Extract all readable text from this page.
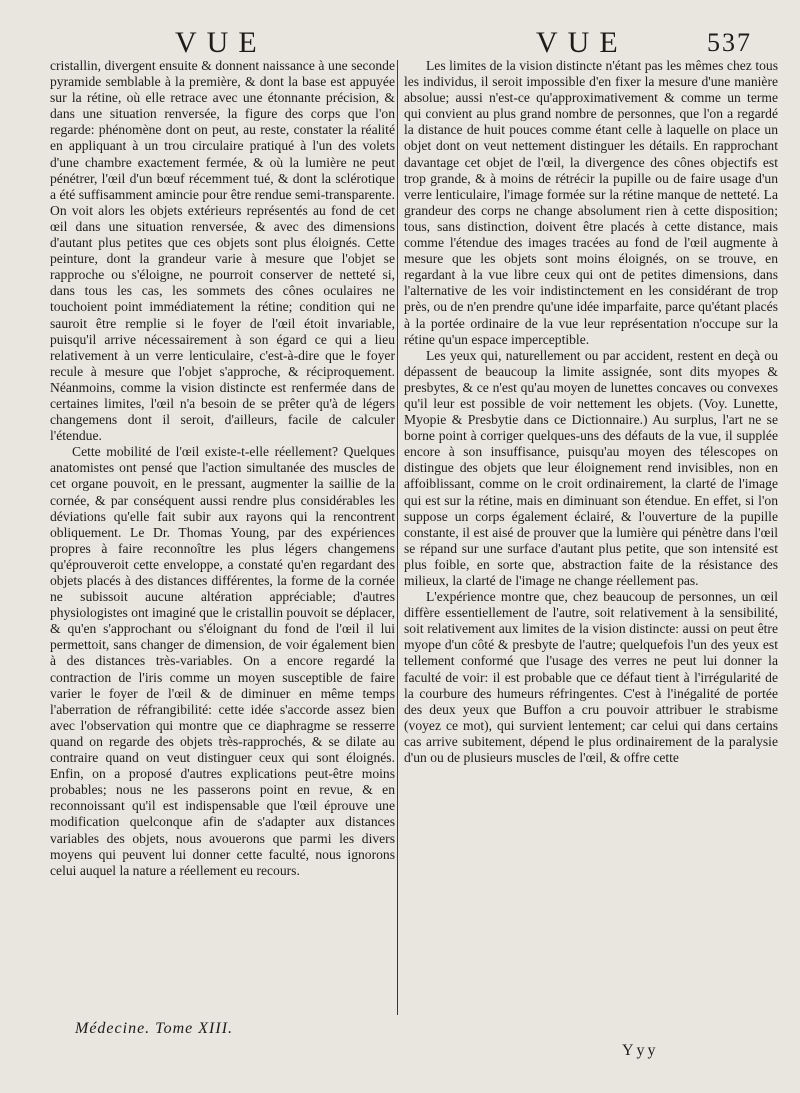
VUE	VUE	537

cristallin, divergent ensuite & donnent naissance à une seconde pyramide semblable à la première, & dont la base est appuyée sur la rétine, où elle retrace avec une étonnante précision, & dans une situation renversée, la figure des corps que l'on regarde: phénomène dont on peut, au reste, constater la réalité en appliquant à un trou circulaire pratiqué à l'un des volets d'une chambre exactement fermée, & où la lumière ne peut pénétrer, l'œil d'un bœuf récemment tué, & dont la sclérotique a été suffisamment amincie pour être rendue semi-transparente. On voit alors les objets extérieurs représentés au fond de cet œil dans une situation renversée, & avec des dimensions d'autant plus petites que ces objets sont plus éloignés. Cette peinture, dont la grandeur varie à mesure que l'objet se rapproche ou s'éloigne, ne pourroit conserver de netteté si, dans tous les cas, les sommets des cônes oculaires ne touchoient point immédiatement la rétine; condition qui ne sauroit être remplie si le foyer de l'œil étoit invariable, puisqu'il arrive nécessairement à son égard ce qui a lieu relativement à un verre lenticulaire, c'est-à-dire que le foyer recule à mesure que l'objet s'approche, & réciproquement. Néanmoins, comme la vision distincte est renfermée dans de certaines limites, l'œil n'a besoin de se prêter qu'à de légers changemens dont il seroit, d'ailleurs, facile de calculer l'étendue.

Cette mobilité de l'œil existe-t-elle réellement? Quelques anatomistes ont pensé que l'action simultanée des muscles de cet organe pouvoit, en le pressant, augmenter la saillie de la cornée, & par conséquent aussi rendre plus considérables les déviations qu'elle fait subir aux rayons qui la rencontrent obliquement. Le Dr. Thomas Young, par des expériences propres à faire reconnoître les plus légers changemens qu'éprouveroit cette enveloppe, a constaté qu'en regardant des objets placés à des distances différentes, la forme de la cornée ne subissoit aucune altération appréciable; d'autres physiologistes ont imaginé que le cristallin pouvoit se déplacer, & qu'en s'approchant ou s'éloignant du fond de l'œil il lui permettoit, sans changer de dimension, de voir également bien à des distances très-variables. On a encore regardé la contraction de l'iris comme un moyen susceptible de faire varier le foyer de l'œil & de diminuer en même temps l'aberration de réfrangibilité: cette idée s'accorde assez bien avec l'observation qui montre que ce diaphragme se resserre quand on regarde des objets très-rapprochés, & se dilate au contraire quand on veut distinguer ceux qui sont éloignés. Enfin, on a proposé d'autres explications peut-être moins probables; nous ne les passerons point en revue, & en reconnoissant qu'il est indispensable que l'œil éprouve une modification quelconque afin de s'adapter aux distances variables des objets, nous avouerons que parmi les divers moyens qui peuvent lui donner cette faculté, nous ignorons celui auquel la nature a réellement eu recours.

Les limites de la vision distincte n'étant pas les mêmes chez tous les individus, il seroit impossible d'en fixer la mesure d'une manière absolue; aussi n'est-ce qu'approximativement & comme un terme qui convient au plus grand nombre de personnes, que l'on a regardé la distance de huit pouces comme étant celle à laquelle on place un objet dont on veut nettement distinguer les détails. En rapprochant davantage cet objet de l'œil, la divergence des cônes objectifs est trop grande, & à moins de rétrécir la pupille ou de faire usage d'un verre lenticulaire, l'image formée sur la rétine manque de netteté. La grandeur des corps ne change absolument rien à cette disposition; tous, sans distinction, doivent être placés à cette distance, mais comme l'étendue des images tracées au fond de l'œil augmente à mesure que les objets sont moins éloignés, on se trouve, en regardant à la vue libre ceux qui ont de petites dimensions, dans l'alternative de les voir indistinctement en les considérant de trop près, ou de n'en prendre qu'une idée imparfaite, parce qu'étant placés à la portée ordinaire de la vue leur représentation n'occupe sur la rétine qu'un espace imperceptible.

Les yeux qui, naturellement ou par accident, restent en deçà ou dépassent de beaucoup la limite assignée, sont dits myopes & presbytes, & ce n'est qu'au moyen de lunettes concaves ou convexes qu'il leur est possible de voir nettement les objets. (Voy. Lunette, Myopie & Presbytie dans ce Dictionnaire.) Au surplus, l'art ne se borne point à corriger quelques-uns des défauts de la vue, il supplée encore à son insuffisance, puisqu'au moyen des télescopes on distingue des objets que leur éloignement rend invisibles, non en affoiblissant, comme on le croit ordinairement, la clarté de l'image qui est sur la rétine, mais en diminuant son étendue. En effet, si l'on suppose un corps également éclairé, & l'ouverture de la pupille constante, il est aisé de prouver que la lumière qui pénètre dans l'œil se répand sur une surface d'autant plus petite, que son intensité est plus foible, en sorte que, abstraction faite de la résistance des milieux, la clarté de l'image ne change réellement pas.

L'expérience montre que, chez beaucoup de personnes, un œil diffère essentiellement de l'autre, soit relativement à la sensibilité, soit relativement aux limites de la vision distincte: aussi on peut être myope d'un côté & presbyte de l'autre; quelquefois l'un des yeux est tellement conformé que l'usage des verres ne peut lui donner la faculté de voir: il est probable que ce défaut tient à l'irrégularité de la courbure des humeurs réfringentes. C'est à l'inégalité de portée des deux yeux que Buffon a cru pouvoir attribuer le strabisme (voyez ce mot), qui survient lentement; car celui qui dans certains cas arrive subitement, dépend le plus ordinairement de la paralysie d'un ou de plusieurs muscles de l'œil, & offre cette

Médecine. Tome XIII.
Yyy
